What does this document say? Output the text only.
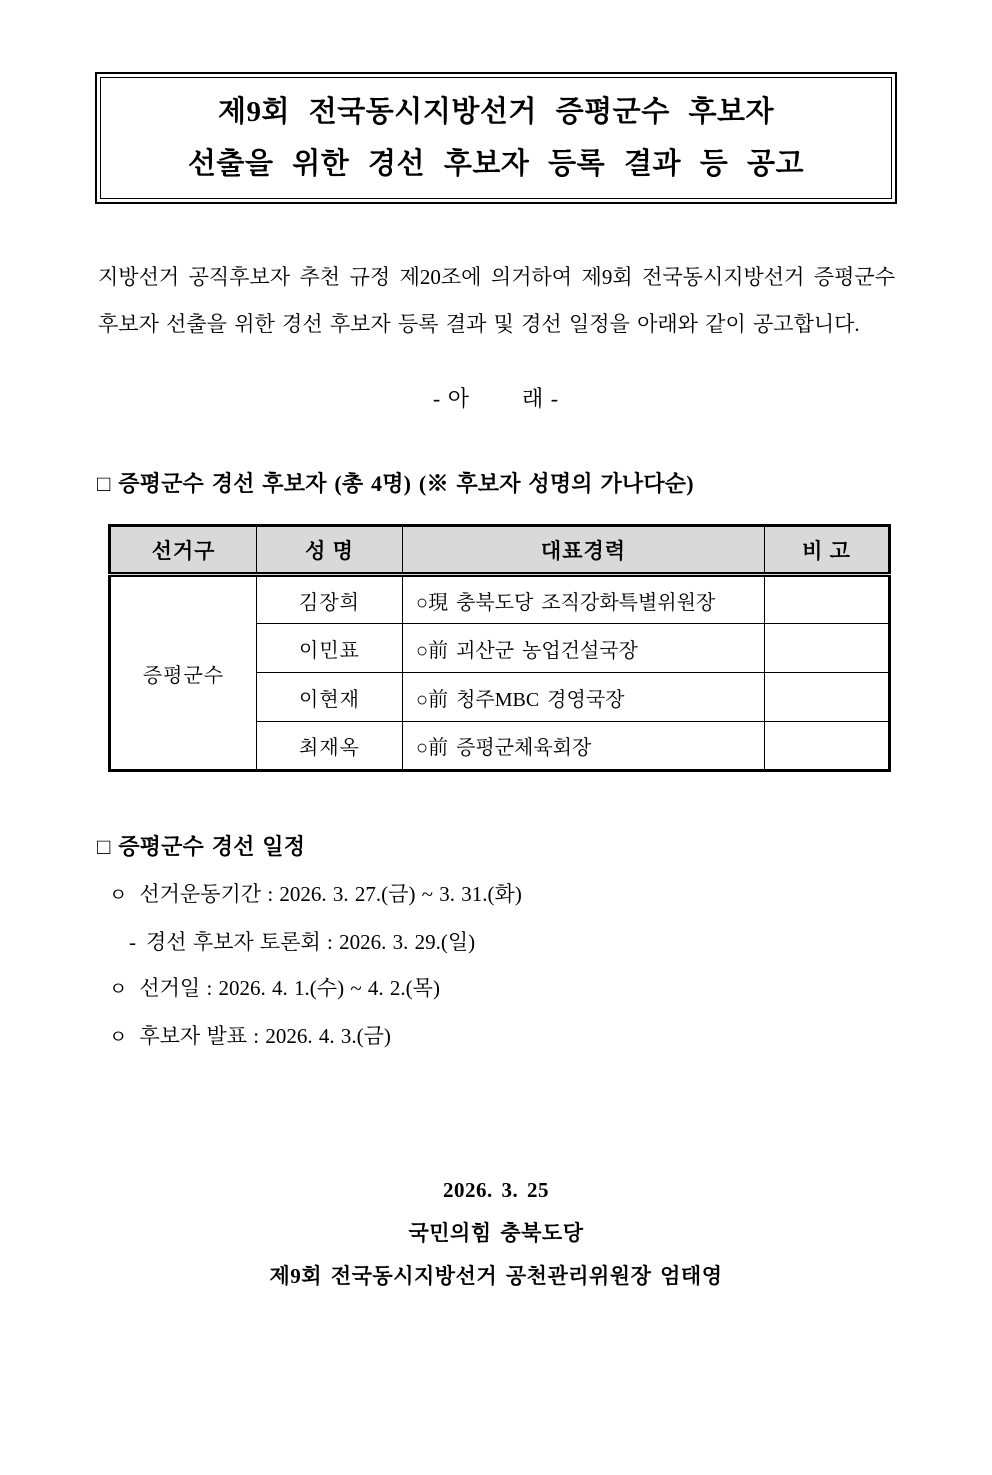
제9회 전국동시지방선거 증평군수 후보자
선출을 위한 경선 후보자 등록 결과 등 공고

지방선거 공직후보자 추천 규정 제20조에 의거하여 제9회 전국동시지방선거 증평군수 후보자 선출을 위한 경선 후보자 등록 결과 및 경선 일정을 아래와 같이 공고합니다.

- 아        래 -
□ 증평군수 경선 후보자 (총 4명) (※ 후보자 성명의 가나다순)
선거구	성 명	대표경력	비 고
증평군수	김장희	○現 충북도당 조직강화특별위원장	
	이민표	○前 괴산군 농업건설국장	
	이현재	○前 청주MBC 경영국장	
	최재옥	○前 증평군체육회장	
□ 증평군수 경선 일정
ㅇ 선거운동기간 : 2026. 3. 27.(금) ~ 3. 31.(화)
- 경선 후보자 토론회 : 2026. 3. 29.(일)
ㅇ 선거일 : 2026. 4. 1.(수) ~ 4. 2.(목)
ㅇ 후보자 발표 : 2026. 4. 3.(금)
2026. 3. 25
국민의힘 충북도당
제9회 전국동시지방선거 공천관리위원장 엄태영
